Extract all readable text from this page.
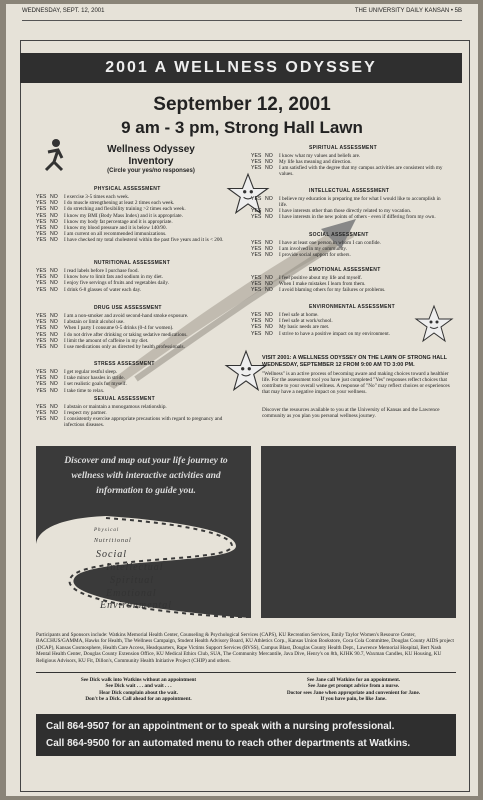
WEDNESDAY, SEPT. 12, 2001	THE UNIVERSITY DAILY KANSAN • 5B
2001 A WELLNESS ODYSSEY
September 12, 2001
9 am - 3 pm, Strong Hall Lawn
Wellness Odyssey
Inventory
(Circle your yes/no responses)
PHYSICAL ASSESSMENT
YES NO	I exercise 3-5 times each week.
YES NO	I do muscle strengthening at least 2 times each week.
YES NO	I do stretching and flexibility training >2 times each week.
YES NO	I know my BMI (Body Mass Index) and it is appropriate.
YES NO	I know my body fat percentage and it is appropriate.
YES NO	I know my blood pressure and it is below 140/90.
YES NO	I am current on all recommended immunizations.
YES NO	I have checked my total cholesterol within the past five years and it is < 200.
NUTRITIONAL ASSESSMENT
YES NO	I read labels before I purchase food.
YES NO	I know how to limit fats and sodium in my diet.
YES NO	I enjoy five servings of fruits and vegetables daily.
YES NO	I drink 6-8 glasses of water each day.
DRUG USE ASSESSMENT
YES NO	I am a non-smoker and avoid second-hand smoke exposure.
YES NO	I abstain or limit alcohol use.
YES NO	When I party I consume 0-5 drinks (0-4 for women).
YES NO	I do not drive after drinking or taking sedative medications.
YES NO	I limit the amount of caffeine in my diet.
YES NO	I use medications only as directed by health professionals.
STRESS ASSESSMENT
YES NO	I get regular restful sleep.
YES NO	I take minor hassles in stride.
YES NO	I set realistic goals for myself.
YES NO	I take time to relax.
SEXUAL ASSESSMENT
YES NO	I abstain or maintain a monogamous relationship.
YES NO	I respect my partner.
YES NO	I consistently exercise appropriate precautions with regard to pregnancy and infectious diseases.
SPIRITUAL ASSESSMENT
YES NO	I know what my values and beliefs are.
YES NO	My life has meaning and direction.
YES NO	I am satisfied with the degree that my campus activities are consistent with my values.
INTELLECTUAL ASSESSMENT
YES NO	I believe my education is preparing me for what I would like to accomplish in life.
YES NO	I have interests other than those directly related to my vocation.
YES NO	I have interests in the new points of others - even if differing from my own.
SOCIAL ASSESSMENT
YES NO	I have at least one person in whom I can confide.
YES NO	I am involved in my community.
YES NO	I provide social support for others.
EMOTIONAL ASSESSMENT
YES NO	I feel positive about my life and myself.
YES NO	When I make mistakes I learn from them.
YES NO	I avoid blaming others for my failures or problems.
ENVIRONMENTAL ASSESSMENT
YES NO	I feel safe at home.
YES NO	I feel safe at work/school.
YES NO	My basic needs are met.
YES NO	I strive to have a positive impact on my environment.
VISIT 2001: A WELLNESS ODYSSEY ON THE LAWN OF STRONG HALL WEDNESDAY, SEPTEMBER 12 FROM 9:00 AM TO 3:00 PM.
"Wellness" is an active process of becoming aware and making choices toward a healthier life. For the assessment tool you have just completed "Yes" responses reflect choices that contribute to your overall wellness. A response of "No" may reflect choices or experiences that may have a negative impact on your wellness.
Discover the resources available to you at the University of Kansas and the Lawrence community as you plan you personal wellness journey.
Discover and map out your life journey to wellness with interactive activities and information to guide you.
Physical
Nutritional
Social
Intellectual
Spiritual
Emotional
Environmental
Participants and Sponsors include: Watkins Memorial Health Center, Counseling & Psychological Services (CAPS), KU Recreation Services, Emily Taylor Women's Resource Center, BACCHUS/GAMMA, Hawks for Health, The Wellness Campaign, Student Health Advisory Board, KU Athletics Corp., Kansas Union Bookstore, Coca Cola Committee, Douglas County AIDS project (DCAP), Kansas Cosmosphere, Health Care Access, Headquarters, Rape Victims Support Services (RVSS), Campus Blast, Douglas County Health Dept., Lawrence Memorial Hospital, Bert Nash Mental Health Center, Douglas County Extension Office, KU Medical Ethics Club, SUA, The Community Mercantile, Java Dive, Henry's on 8th, KJHK 90.7, Waxman Candles, KU Housing, KU Religious Advisors, KU Fit, Dillon's, Community Health Initiative Project (CHIP) and others.
See Dick walk into Watkins without an appointment
See Dick wait . . . and wait . . .
Hear Dick complain about the wait.
Don't be a Dick. Call ahead for an appointment.
See Jane call Watkins for an appointment.
See Jane get prompt advice from a nurse.
Doctor sees Jane when appropriate and convenient for Jane.
If you have pain, be like Jane.
Call 864-9507 for an appointment or to speak with a nursing professional.
Call 864-9500 for an automated menu to reach other departments at Watkins.
